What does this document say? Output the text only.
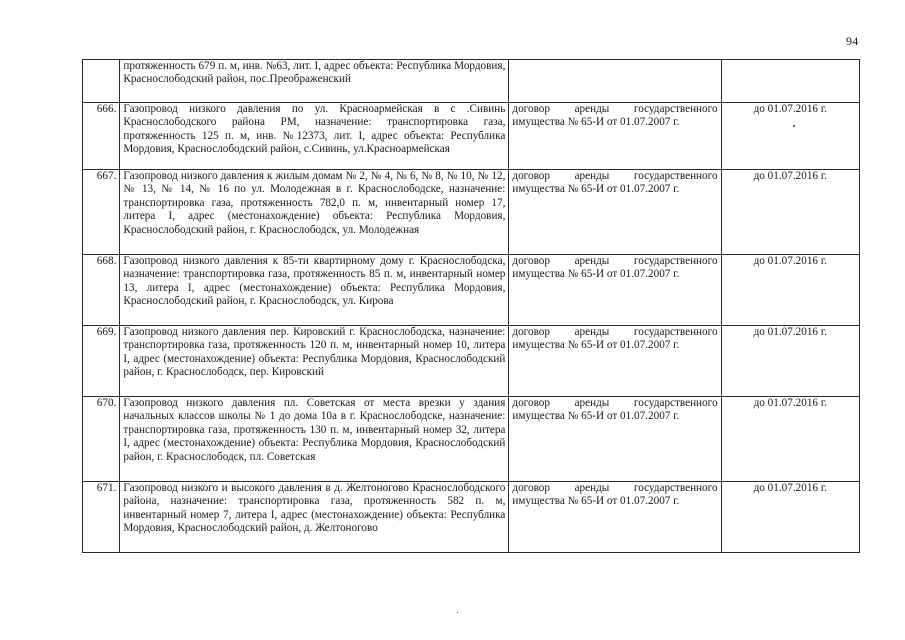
94
	протяженность 679 п. м, инв. №63, лит. I, адрес объекта: Республика Мордовия, Краснослободский район, пос.Преображенский		
666.	Газопровод низкого давления по ул. Красноармейская в с .Сивинь Краснослободского района РМ, назначение: транспортировка газа, протяженность 125 п. м, инв. №12373, лит. I, адрес объекта: Республика Мордовия, Краснослободский район, с.Сивинь, ул.Красноармейская	договор аренды государственного имущества № 65-И от 01.07.2007 г.	до 01.07.2016 г.
667.	Газопровод низкого давления к жилым домам № 2, № 4, № 6, № 8, № 10, № 12, № 13, № 14, № 16 по ул. Молодежная в г. Краснослободске, назначение: транспортировка газа, протяженность 782,0 п. м, инвентарный номер 17, литера I, адрес (местонахождение) объекта: Республика Мордовия, Краснослободский район, г. Краснослободск, ул. Молодежная	договор аренды государственного имущества № 65-И от 01.07.2007 г.	до 01.07.2016 г.
668.	Газопровод низкого давления к 85-ти квартирному дому г. Краснослободска, назначение: транспортировка газа, протяженность 85 п. м, инвентарный номер 13, литера I, адрес (местонахождение) объекта: Республика Мордовия, Краснослободский район, г. Краснослободск, ул. Кирова	договор аренды государственного имущества № 65-И от 01.07.2007 г.	до 01.07.2016 г.
669.	Газопровод низкого давления пер. Кировский г. Краснослободска, назначение: транспортировка газа, протяженность 120 п. м, инвентарный номер 10, литера I, адрес (местонахождение) объекта: Республика Мордовия, Краснослободский район, г. Краснослободск, пер. Кировский	договор аренды государственного имущества № 65-И от 01.07.2007 г.	до 01.07.2016 г.
670.	Газопровод низкого давления пл. Советская от места врезки у здания начальных классов школы № 1 до дома 10а в г. Краснослободске, назначение: транспортировка газа, протяженность 130 п. м, инвентарный номер 32, литера I, адрес (местонахождение) объекта: Республика Мордовия, Краснослободский район, г. Краснослободск, пл. Советская	договор аренды государственного имущества № 65-И от 01.07.2007 г.	до 01.07.2016 г.
671.	Газопровод низкого и высокого давления в д. Желтоногово Краснослободского района, назначение: транспортировка газа, протяженность 582 п. м, инвентарный номер 7, литера I, адрес (местонахождение) объекта: Республика Мордовия, Краснослободский район, д. Желтоногово	договор аренды государственного имущества № 65-И от 01.07.2007 г.	до 01.07.2016 г.
